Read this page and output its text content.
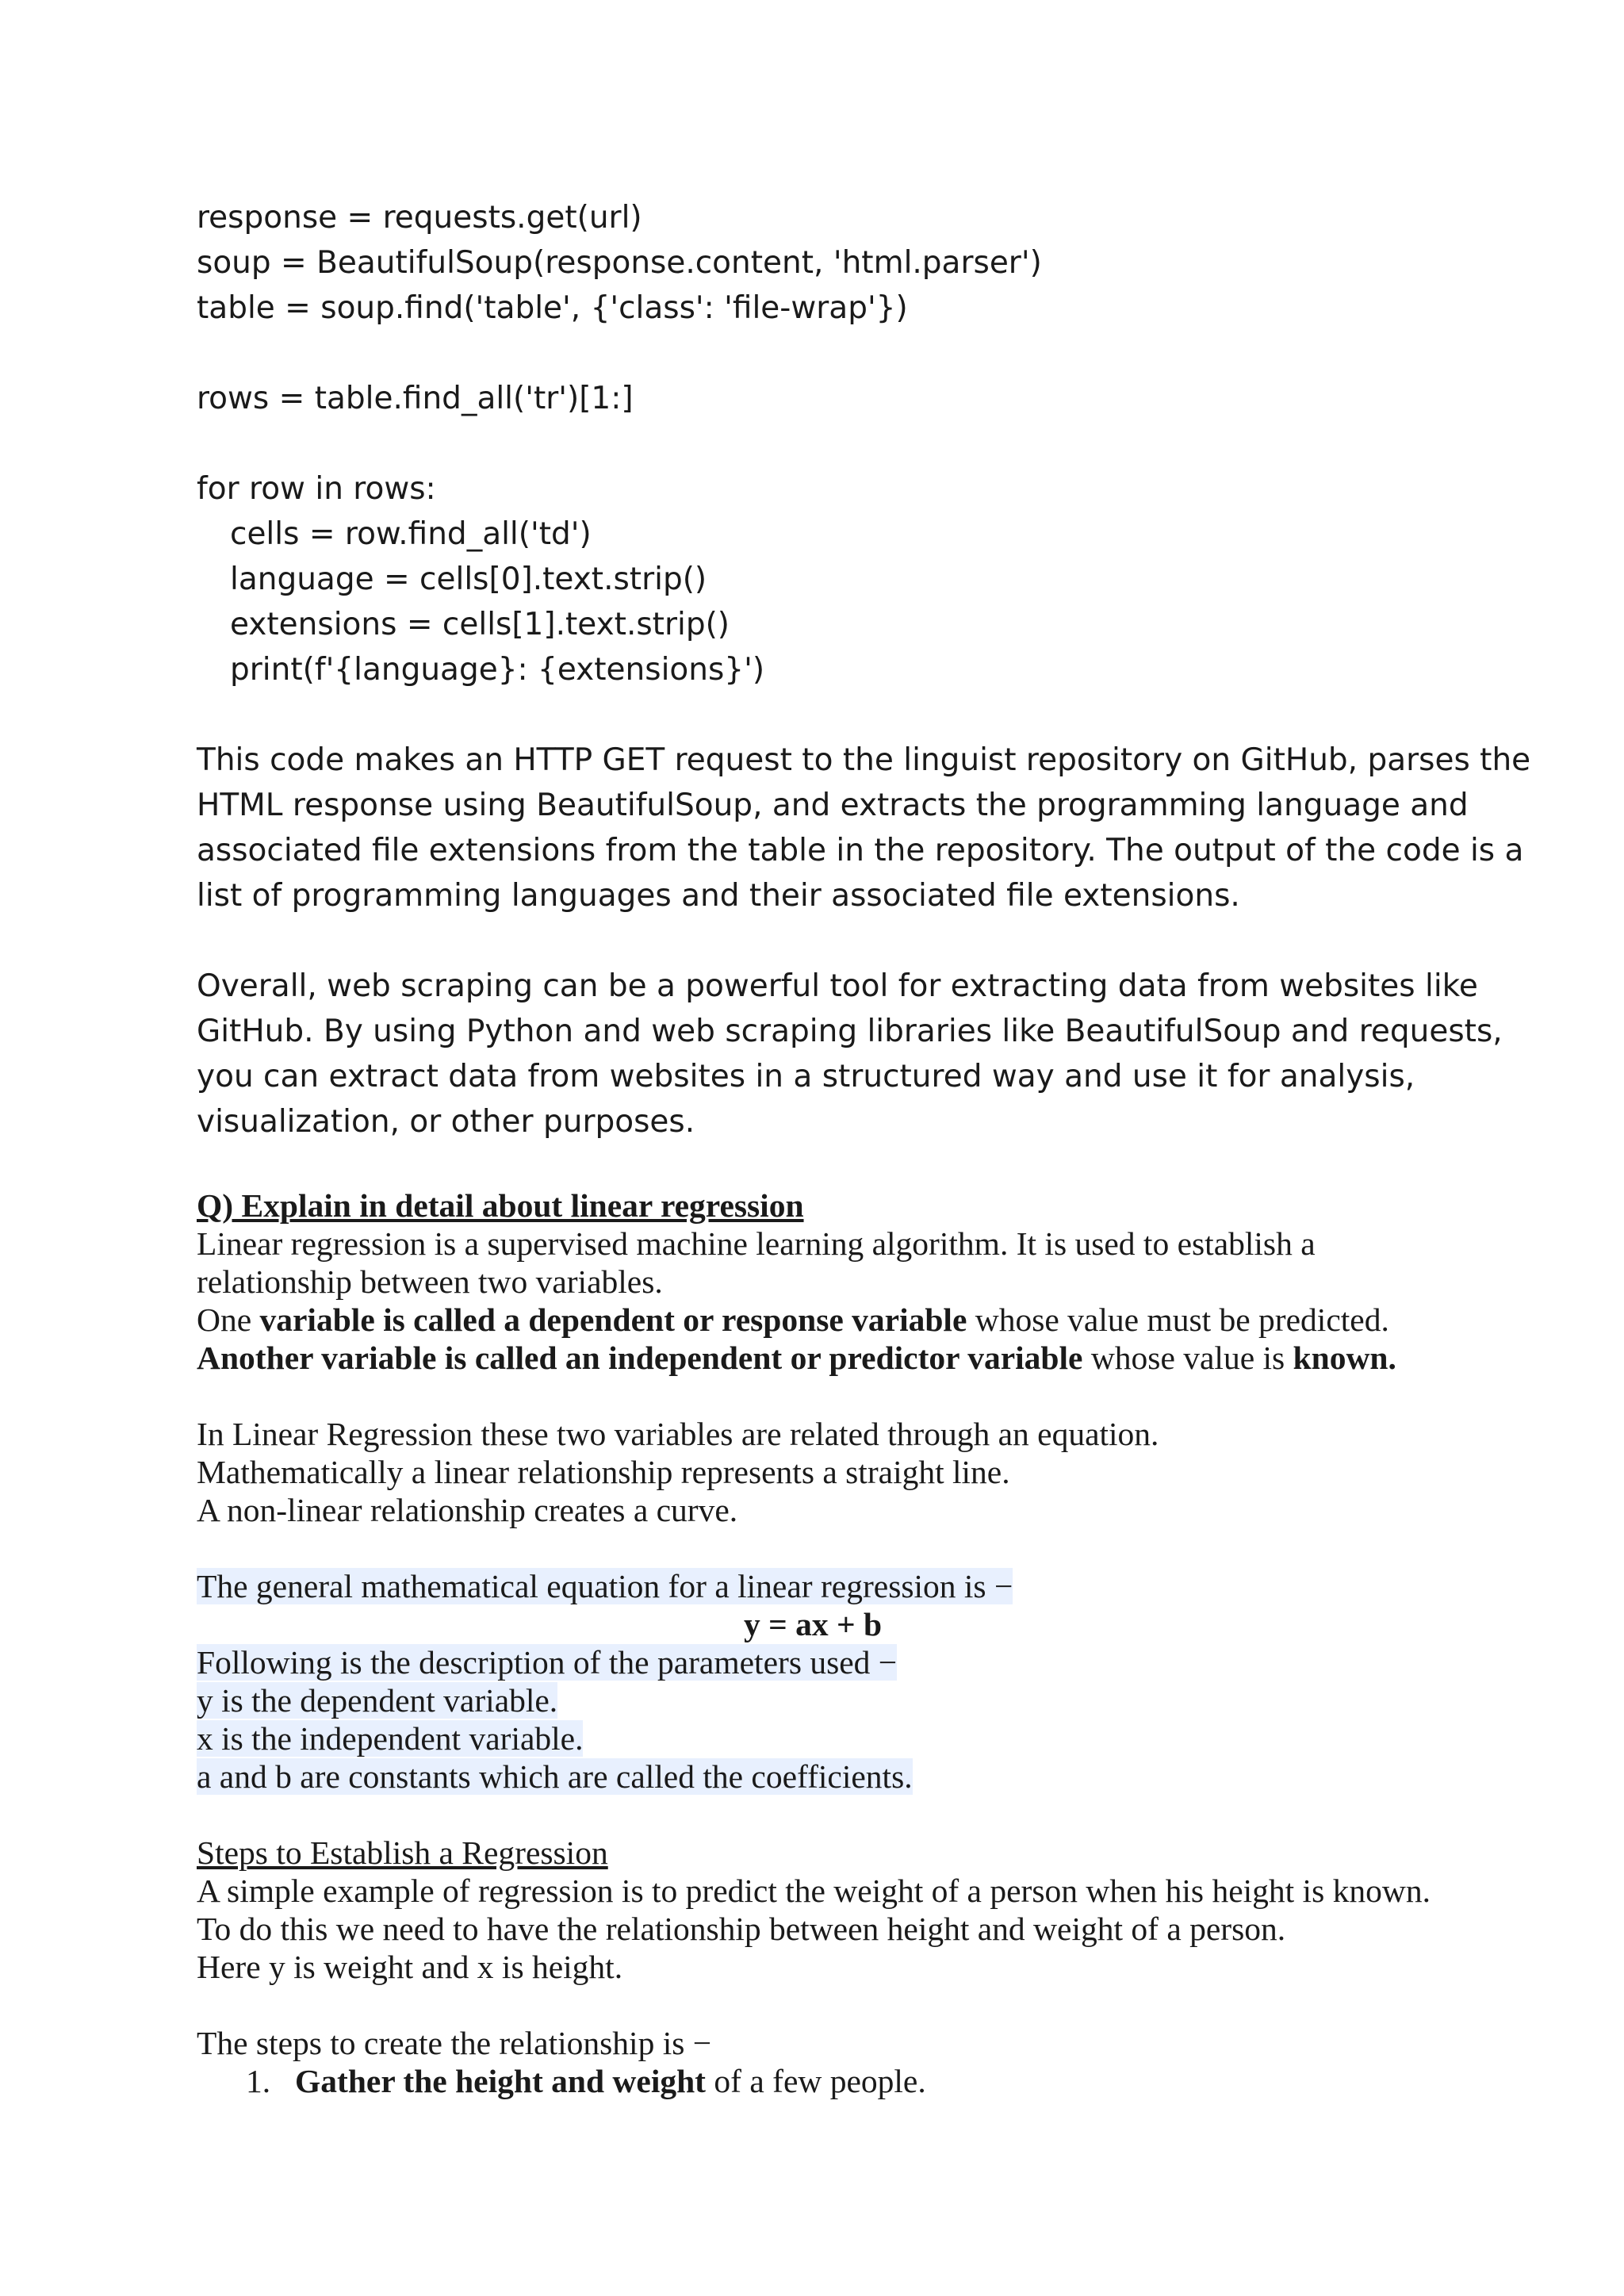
response = requests.get(url)
soup = BeautifulSoup(response.content, 'html.parser')
table = soup.find('table', {'class': 'file-wrap'})
rows = table.find_all('tr')[1:]
for row in rows:
cells = row.find_all('td')
language = cells[0].text.strip()
extensions = cells[1].text.strip()
print(f'{language}: {extensions}')
This code makes an HTTP GET request to the linguist repository on GitHub, parses the
HTML response using BeautifulSoup, and extracts the programming language and
associated file extensions from the table in the repository. The output of the code is a
list of programming languages and their associated file extensions.
Overall, web scraping can be a powerful tool for extracting data from websites like
GitHub. By using Python and web scraping libraries like BeautifulSoup and requests,
you can extract data from websites in a structured way and use it for analysis,
visualization, or other purposes.
Q) Explain in detail about linear regression
Linear regression is a supervised machine learning algorithm. It is used to establish a
relationship between two variables.
One variable is called a dependent or response variable whose value must be predicted.
Another variable is called an independent or predictor variable whose value is known.
In Linear Regression these two variables are related through an equation.
Mathematically a linear relationship represents a straight line.
A non-linear relationship creates a curve.
The general mathematical equation for a linear regression is −
y = ax + b
Following is the description of the parameters used −
y is the dependent variable.
x is the independent variable.
a and b are constants which are called the coefficients.
Steps to Establish a Regression
A simple example of regression is to predict the weight of a person when his height is known.
To do this we need to have the relationship between height and weight of a person.
Here y is weight and x is height.
The steps to create the relationship is −
1. Gather the height and weight of a few people.
